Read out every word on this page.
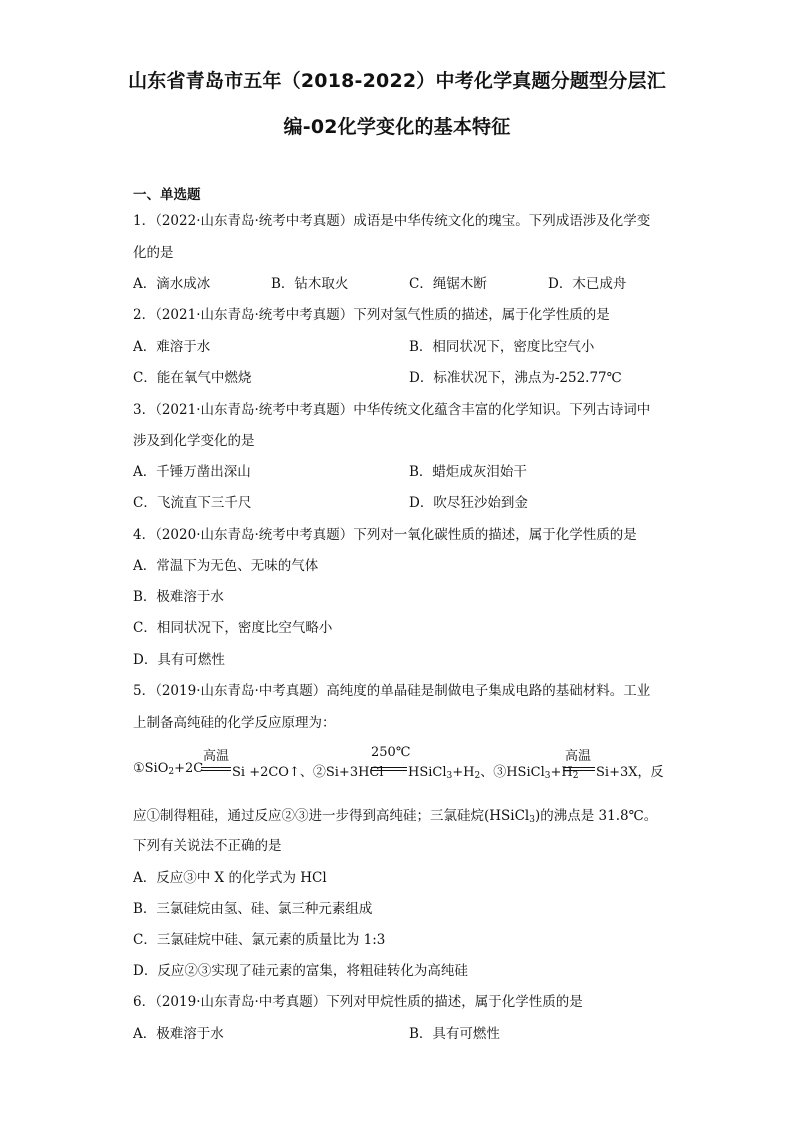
山东省青岛市五年（2018-2022）中考化学真题分题型分层汇
编-02化学变化的基本特征
一、单选题
1．（2022·山东青岛·统考中考真题）成语是中华传统文化的瑰宝。下列成语涉及化学变
化的是
A．滴水成冰	B．钻木取火	C．绳锯木断	D．木已成舟
2．（2021·山东青岛·统考中考真题）下列对氢气性质的描述，属于化学性质的是
A．难溶于水	B．相同状况下，密度比空气小
C．能在氧气中燃烧	D．标准状况下，沸点为-252.77℃
3．（2021·山东青岛·统考中考真题）中华传统文化蕴含丰富的化学知识。下列古诗词中
涉及到化学变化的是
A．千锤万凿出深山	B．蜡炬成灰泪始干
C．飞流直下三千尺	D．吹尽狂沙始到金
4．（2020·山东青岛·统考中考真题）下列对一氧化碳性质的描述，属于化学性质的是
A．常温下为无色、无味的气体
B．极难溶于水
C．相同状况下，密度比空气略小
D．具有可燃性
5．（2019·山东青岛·中考真题）高纯度的单晶硅是制做电子集成电路的基础材料。工业
上制备高纯硅的化学反应原理为：
①SiO$_2$+2C
高温
Si +2CO↑、②Si+3HCl
250℃
$HSiCl_3+H_2$、$③HSiCl_3+H_2$
高温
Si+3X，反
应①制得粗硅，通过反应②③进一步得到高纯硅；三氯硅烷(HSiCl$_3$)的沸点是 31.8℃。
下列有关说法不正确的是
A．反应③中 X 的化学式为 HCl
B．三氯硅烷由氢、硅、氯三种元素组成
C．三氯硅烷中硅、氯元素的质量比为 1:3
D．反应②③实现了硅元素的富集，将粗硅转化为高纯硅
6．（2019·山东青岛·中考真题）下列对甲烷性质的描述，属于化学性质的是
A．极难溶于水	B．具有可燃性
